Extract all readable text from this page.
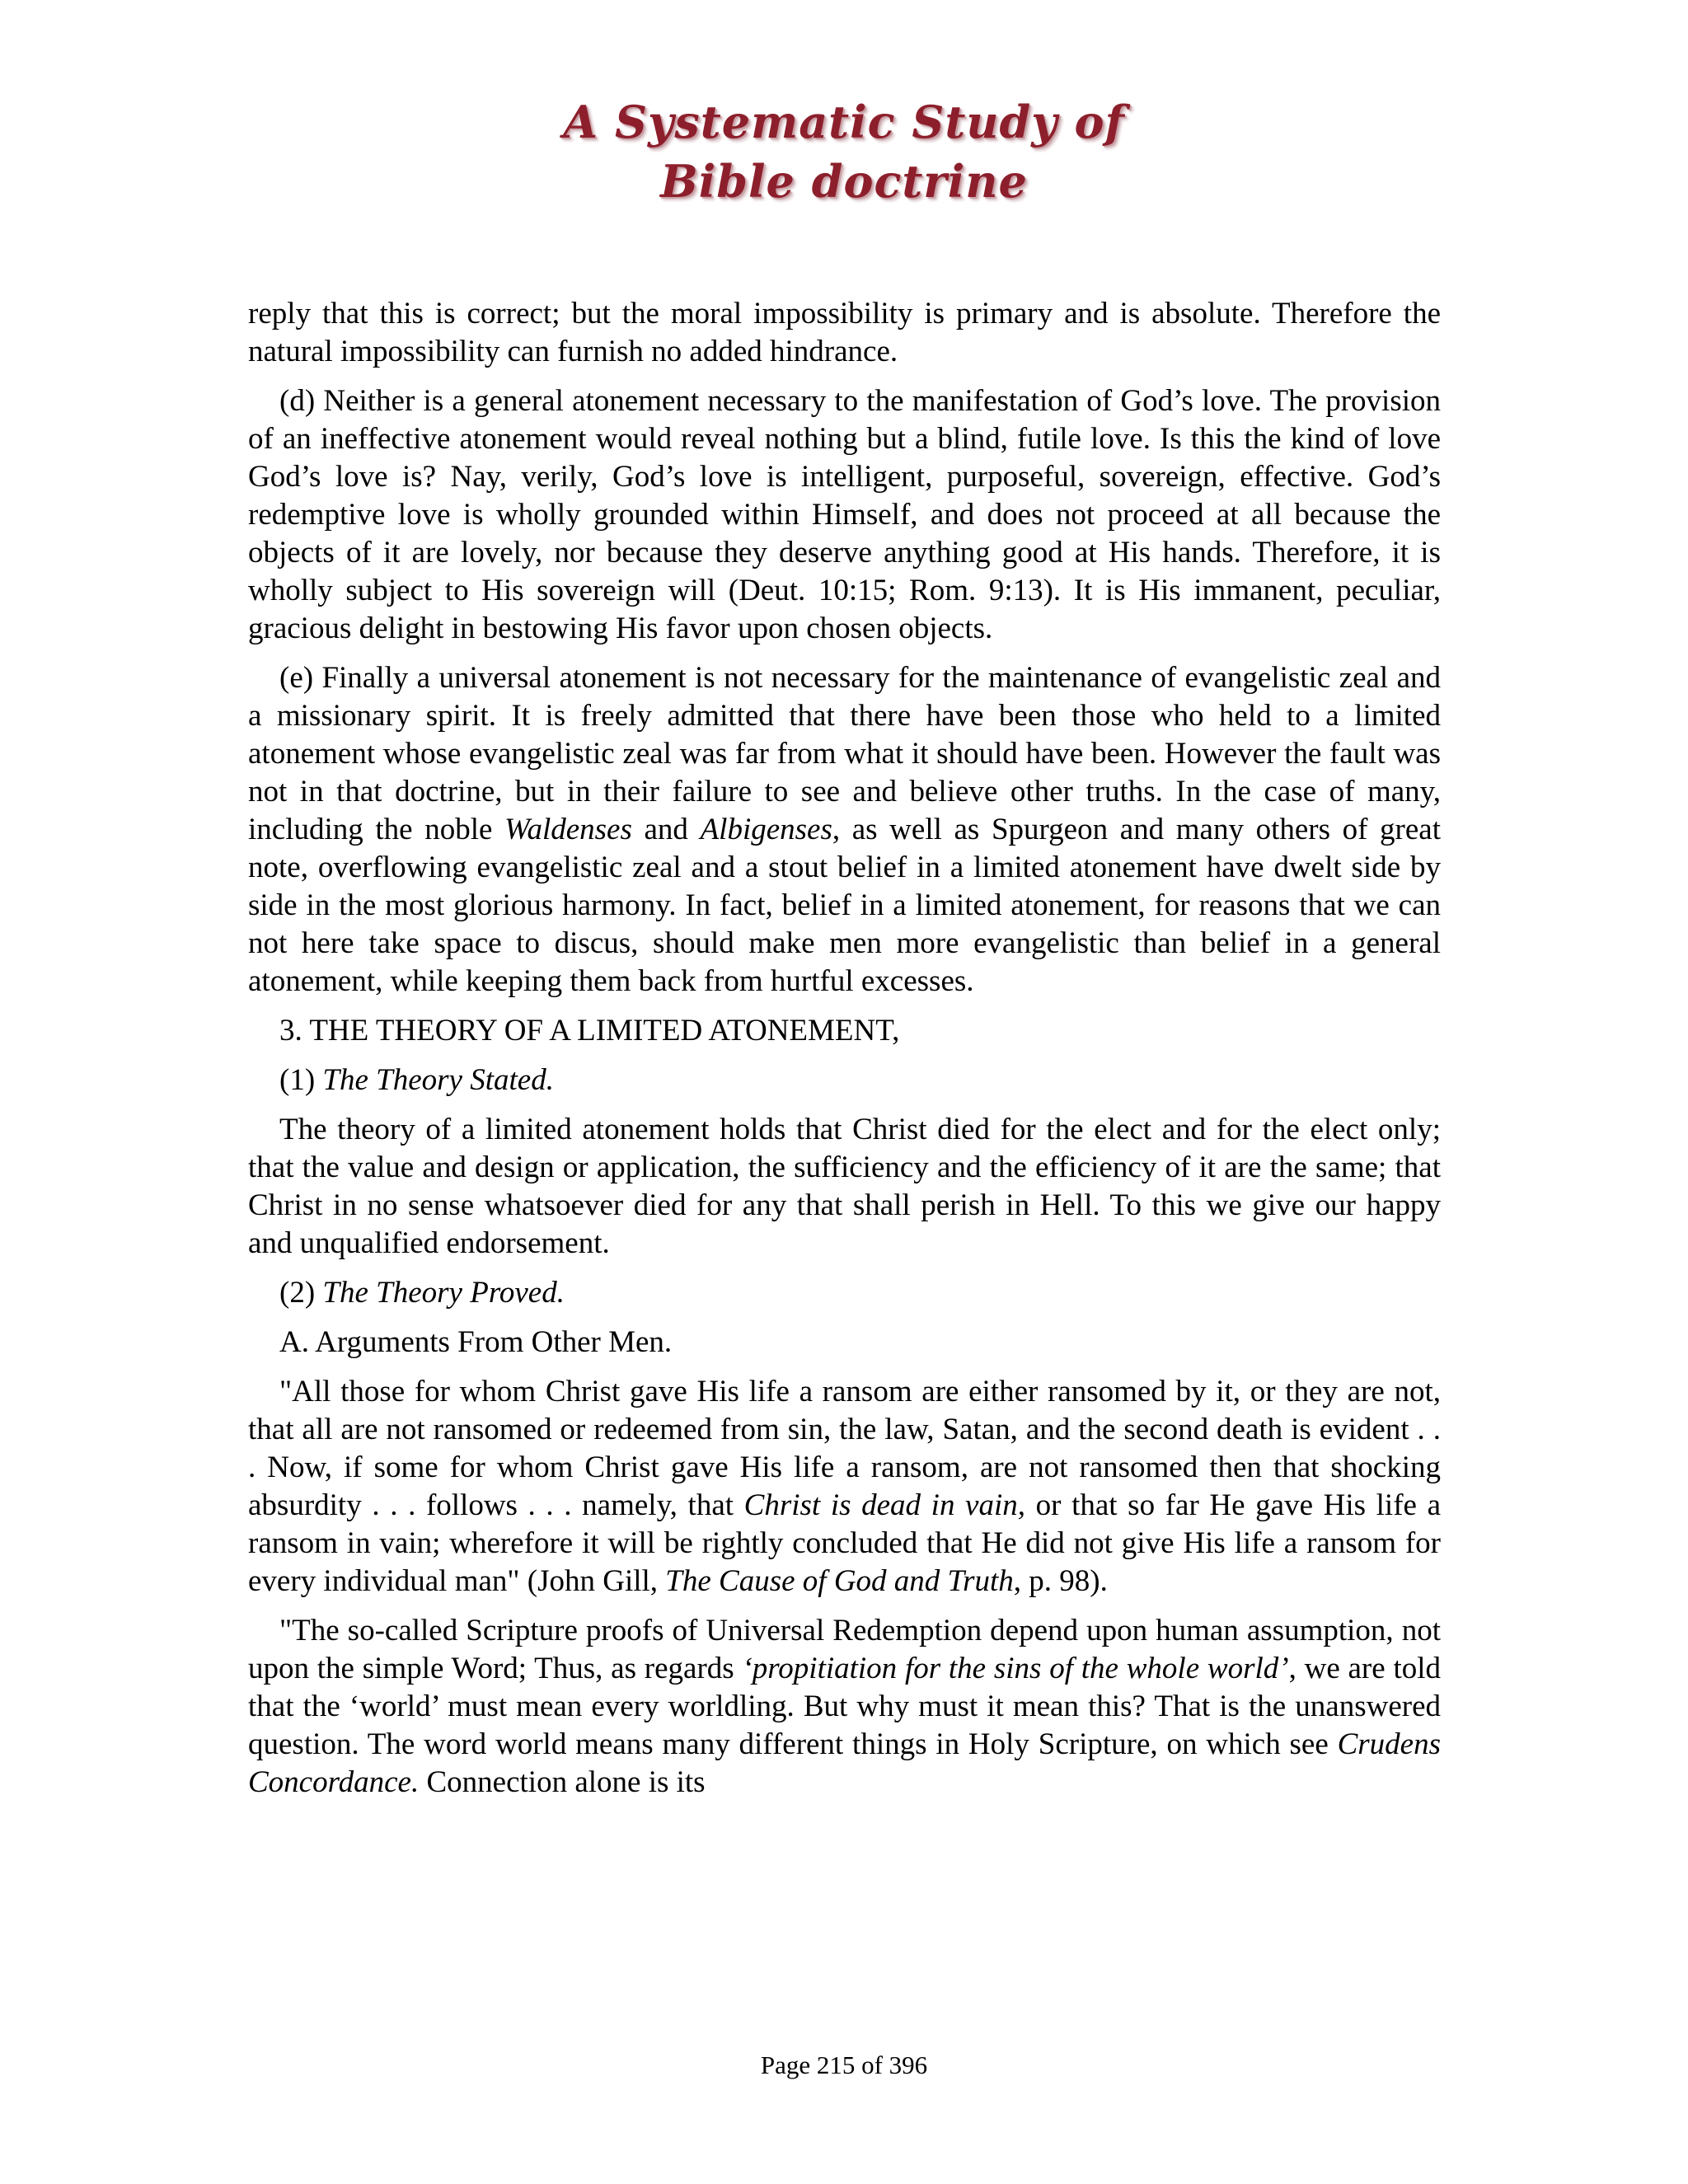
A Systematic Study of
Bible doctrine

reply that this is correct; but the moral impossibility is primary and is absolute. Therefore the natural impossibility can furnish no added hindrance.

(d) Neither is a general atonement necessary to the manifestation of God’s love. The provision of an ineffective atonement would reveal nothing but a blind, futile love. Is this the kind of love God’s love is? Nay, verily, God’s love is intelligent, purposeful, sovereign, effective. God’s redemptive love is wholly grounded within Himself, and does not proceed at all because the objects of it are lovely, nor because they deserve anything good at His hands. Therefore, it is wholly subject to His sovereign will (Deut. 10:15; Rom. 9:13). It is His immanent, peculiar, gracious delight in bestowing His favor upon chosen objects.

(e) Finally a universal atonement is not necessary for the maintenance of evangelistic zeal and a missionary spirit. It is freely admitted that there have been those who held to a limited atonement whose evangelistic zeal was far from what it should have been. However the fault was not in that doctrine, but in their failure to see and believe other truths. In the case of many, including the noble Waldenses and Albigenses, as well as Spurgeon and many others of great note, overflowing evangelistic zeal and a stout belief in a limited atonement have dwelt side by side in the most glorious harmony. In fact, belief in a limited atonement, for reasons that we can not here take space to discus, should make men more evangelistic than belief in a general atonement, while keeping them back from hurtful excesses.

3. THE THEORY OF A LIMITED ATONEMENT,

(1) The Theory Stated.

The theory of a limited atonement holds that Christ died for the elect and for the elect only; that the value and design or application, the sufficiency and the efficiency of it are the same; that Christ in no sense whatsoever died for any that shall perish in Hell. To this we give our happy and unqualified endorsement.

(2) The Theory Proved.

A. Arguments From Other Men.

"All those for whom Christ gave His life a ransom are either ransomed by it, or they are not, that all are not ransomed or redeemed from sin, the law, Satan, and the second death is evident . . . Now, if some for whom Christ gave His life a ransom, are not ransomed then that shocking absurdity . . . follows . . . namely, that Christ is dead in vain, or that so far He gave His life a ransom in vain; wherefore it will be rightly concluded that He did not give His life a ransom for every individual man" (John Gill, The Cause of God and Truth, p. 98).

"The so-called Scripture proofs of Universal Redemption depend upon human assumption, not upon the simple Word; Thus, as regards ‘propitiation for the sins of the whole world’, we are told that the ‘world’ must mean every worldling. But why must it mean this? That is the unanswered question. The word world means many different things in Holy Scripture, on which see Crudens Concordance. Connection alone is its

Page 215 of 396
